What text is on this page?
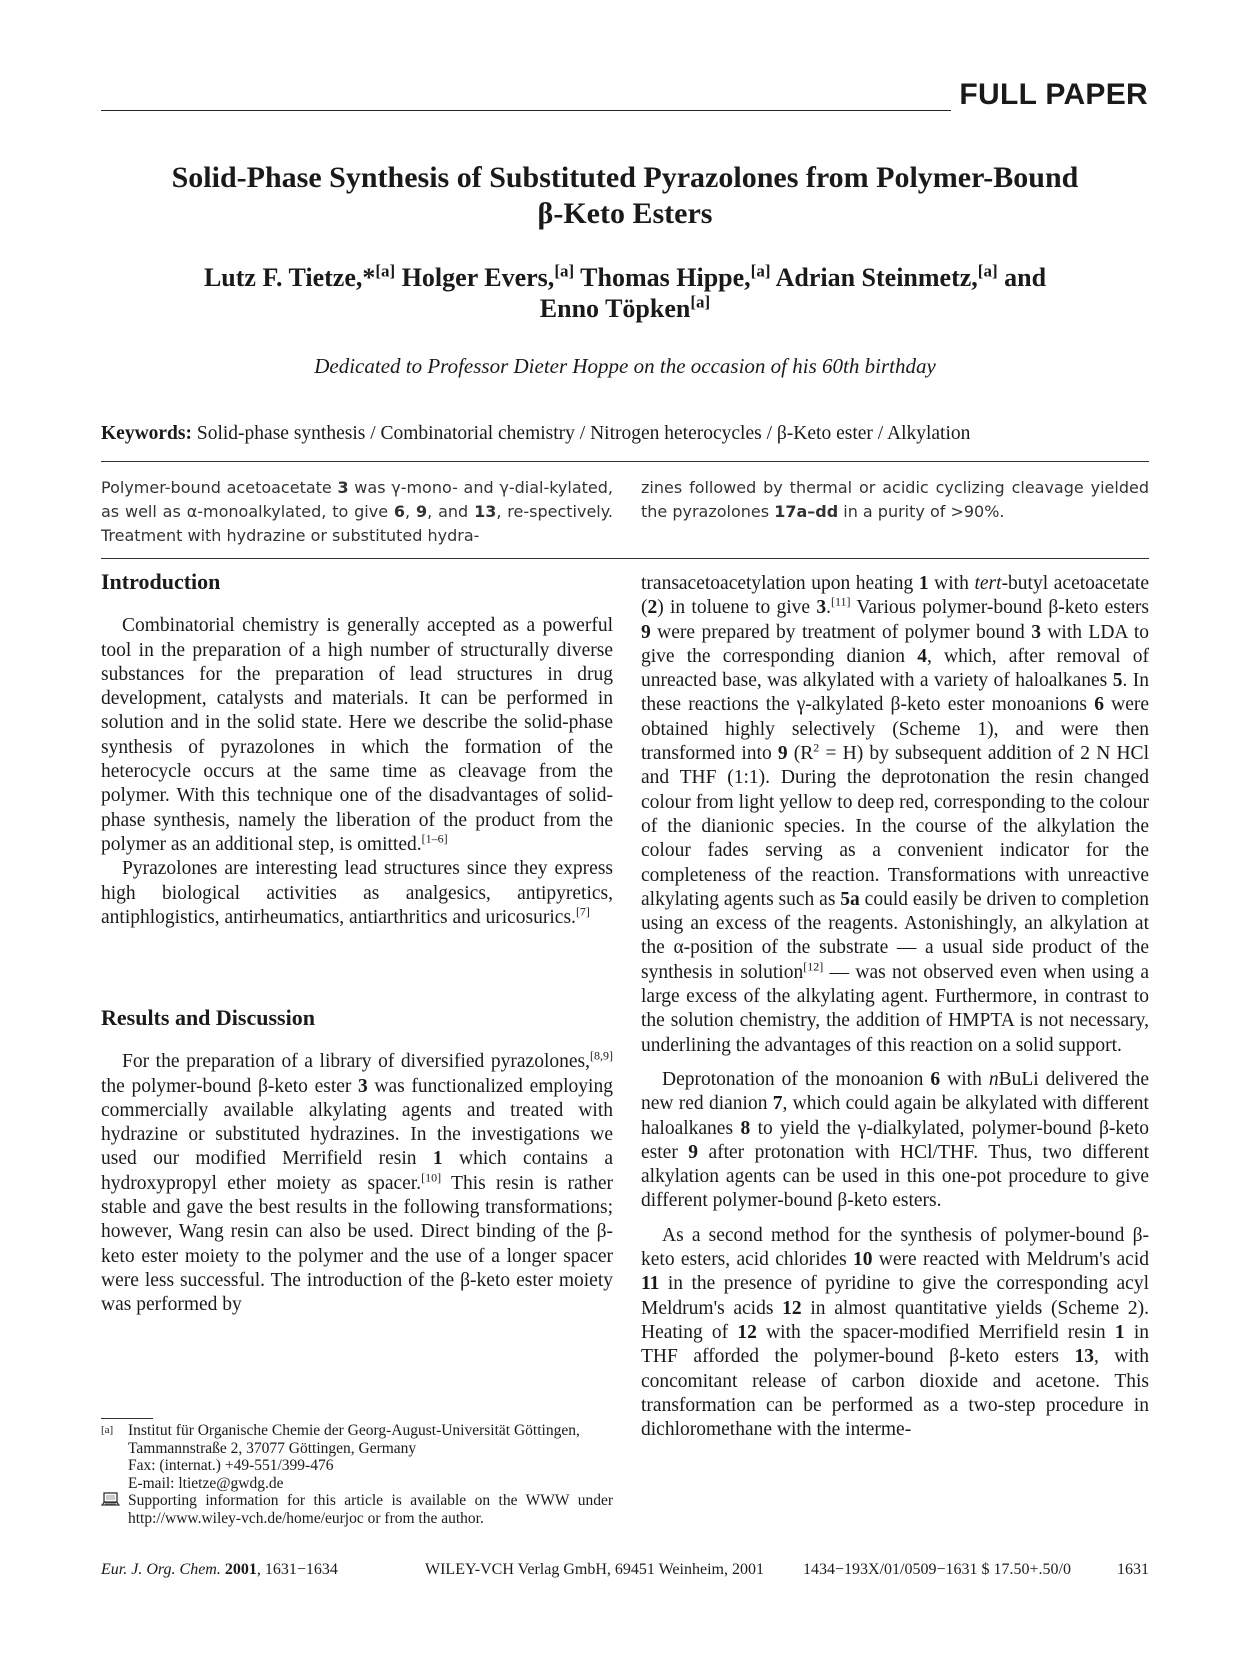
FULL PAPER
Solid-Phase Synthesis of Substituted Pyrazolones from Polymer-Bound
β-Keto Esters
Lutz F. Tietze,*[a] Holger Evers,[a] Thomas Hippe,[a] Adrian Steinmetz,[a] and
Enno Töpken[a]
Dedicated to Professor Dieter Hoppe on the occasion of his 60th birthday
Keywords: Solid-phase synthesis / Combinatorial chemistry / Nitrogen heterocycles / β-Keto ester / Alkylation
Polymer-bound acetoacetate 3 was γ-mono- and γ-dial-kylated, as well as α-monoalkylated, to give 6, 9, and 13, re-spectively. Treatment with hydrazine or substituted hydra-
zines followed by thermal or acidic cyclizing cleavage yielded the pyrazolones 17a–dd in a purity of >90%.
Introduction

Combinatorial chemistry is generally accepted as a powerful tool in the preparation of a high number of structurally diverse substances for the preparation of lead structures in drug development, catalysts and materials. It can be performed in solution and in the solid state. Here we describe the solid-phase synthesis of pyrazolones in which the formation of the heterocycle occurs at the same time as cleavage from the polymer. With this technique one of the disadvantages of solid-phase synthesis, namely the liberation of the product from the polymer as an additional step, is omitted.[1–6]

Pyrazolones are interesting lead structures since they express high biological activities as analgesics, antipyretics, antiphlogistics, antirheumatics, antiarthritics and uricosurics.[7]

Results and Discussion

For the preparation of a library of diversified pyrazolones,[8,9] the polymer-bound β-keto ester 3 was functionalized employing commercially available alkylating agents and treated with hydrazine or substituted hydrazines. In the investigations we used our modified Merrifield resin 1 which contains a hydroxypropyl ether moiety as spacer.[10] This resin is rather stable and gave the best results in the following transformations; however, Wang resin can also be used. Direct binding of the β-keto ester moiety to the polymer and the use of a longer spacer were less successful. The introduction of the β-keto ester moiety was performed by

[a] Institut für Organische Chemie der Georg-August-Universität Göttingen,
Tammannstraße 2, 37077 Göttingen, Germany
Fax: (internat.) +49-551/399-476
E-mail: ltietze@gwdg.de
Supporting information for this article is available on the WWW under http://www.wiley-vch.de/home/eurjoc or from the author.

transacetoacetylation upon heating 1 with tert-butyl acetoacetate (2) in toluene to give 3.[11] Various polymer-bound β-keto esters 9 were prepared by treatment of polymer bound 3 with LDA to give the corresponding dianion 4, which, after removal of unreacted base, was alkylated with a variety of haloalkanes 5. In these reactions the γ-alkylated β-keto ester monoanions 6 were obtained highly selectively (Scheme 1), and were then transformed into 9 $(R^2 = H)$ by subsequent addition of 2 N HCl and THF (1:1). During the deprotonation the resin changed colour from light yellow to deep red, corresponding to the colour of the dianionic species. In the course of the alkylation the colour fades serving as a convenient indicator for the completeness of the reaction. Transformations with unreactive alkylating agents such as 5a could easily be driven to completion using an excess of the reagents. Astonishingly, an alkylation at the α-position of the substrate — a usual side product of the synthesis in solution[12] — was not observed even when using a large excess of the alkylating agent. Furthermore, in contrast to the solution chemistry, the addition of HMPTA is not necessary, underlining the advantages of this reaction on a solid support.

Deprotonation of the monoanion 6 with nBuLi delivered the new red dianion 7, which could again be alkylated with different haloalkanes 8 to yield the γ-dialkylated, polymer-bound β-keto ester 9 after protonation with HCl/THF. Thus, two different alkylation agents can be used in this one-pot procedure to give different polymer-bound β-keto esters.

As a second method for the synthesis of polymer-bound β-keto esters, acid chlorides 10 were reacted with Meldrum's acid 11 in the presence of pyridine to give the corresponding acyl Meldrum's acids 12 in almost quantitative yields (Scheme 2). Heating of 12 with the spacer-modified Merrifield resin 1 in THF afforded the polymer-bound β-keto esters 13, with concomitant release of carbon dioxide and acetone. This transformation can be performed as a two-step procedure in dichloromethane with the interme-

Eur. J. Org. Chem. 2001, 1631−1634	WILEY-VCH Verlag GmbH, 69451 Weinheim, 2001 1434−193X/01/0509−1631 $ 17.50+.50/0	1631
